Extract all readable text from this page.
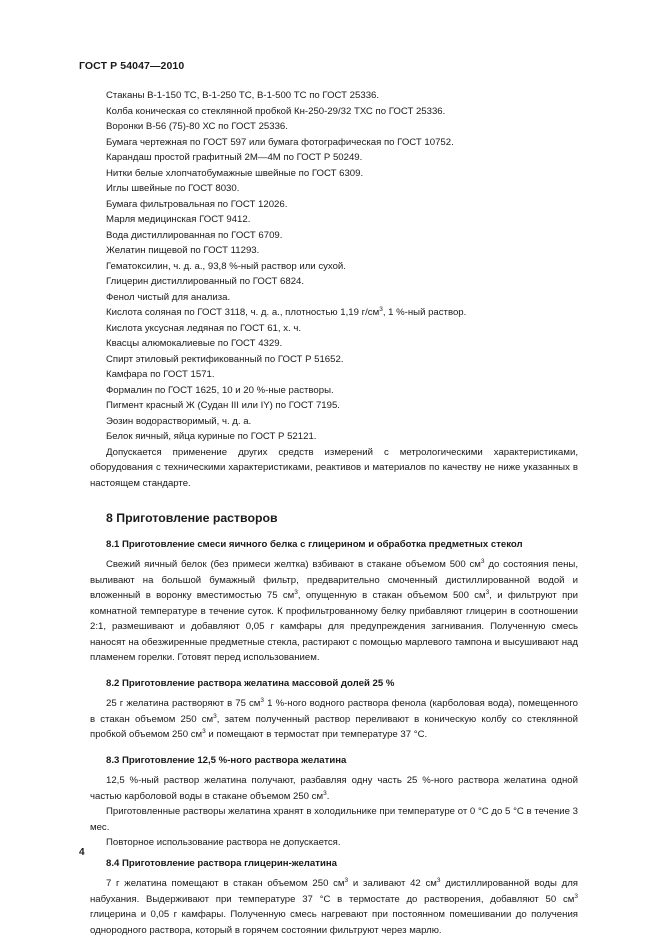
ГОСТ Р 54047—2010
Стаканы В-1-150 ТС, В-1-250 ТС, В-1-500 ТС по ГОСТ 25336.
Колба коническая со стеклянной пробкой Кн-250-29/32 ТХС по ГОСТ 25336.
Воронки В-56 (75)-80 ХС по ГОСТ 25336.
Бумага чертежная по ГОСТ 597 или бумага фотографическая по ГОСТ 10752.
Карандаш простой графитный 2М—4М по ГОСТ Р 50249.
Нитки белые хлопчатобумажные швейные по ГОСТ 6309.
Иглы швейные по ГОСТ 8030.
Бумага фильтровальная по ГОСТ 12026.
Марля медицинская ГОСТ 9412.
Вода дистиллированная по ГОСТ 6709.
Желатин пищевой по ГОСТ 11293.
Гематоксилин, ч. д. а., 93,8 %-ный раствор или сухой.
Глицерин дистиллированный по ГОСТ 6824.
Фенол чистый для анализа.
Кислота соляная по ГОСТ 3118, ч. д. а., плотностью 1,19 $г/см^3$, 1 %-ный раствор.
Кислота уксусная ледяная по ГОСТ 61, х. ч.
Квасцы алюмокалиевые по ГОСТ 4329.
Спирт этиловый ректификованный по ГОСТ Р 51652.
Камфара по ГОСТ 1571.
Формалин по ГОСТ 1625, 10 и 20 %-ные растворы.
Пигмент красный Ж (Судан III или IY) по ГОСТ 7195.
Эозин водорастворимый, ч. д. а.
Белок яичный, яйца куриные по ГОСТ Р 52121.
Допускается применение других средств измерений с метрологическими характеристиками, оборудования с техническими характеристиками, реактивов и материалов по качеству не ниже указанных в настоящем стандарте.
8 Приготовление растворов
8.1 Приготовление смеси яичного белка с глицерином и обработка предметных стекол
Свежий яичный белок (без примеси желтка) взбивают в стакане объемом 500 $см^3$ до состояния пены, выливают на большой бумажный фильтр, предварительно смоченный дистиллированной водой и вложенный в воронку вместимостью 75 $см^3$, опущенную в стакан объемом 500 $см^3$, и фильтруют при комнатной температуре в течение суток. К профильтрованному белку прибавляют глицерин в соотношении 2:1, размешивают и добавляют 0,05 г камфары для предупреждения загнивания. Полученную смесь наносят на обезжиренные предметные стекла, растирают с помощью марлевого тампона и высушивают над пламенем горелки. Готовят перед использованием.
8.2 Приготовление раствора желатина массовой долей 25 %
25 г желатина растворяют в 75 $см^3$ 1 %-ного водного раствора фенола (карболовая вода), помещенного в стакан объемом 250 $см^3$, затем полученный раствор переливают в коническую колбу со стеклянной пробкой объемом 250 $см^3$ и помещают в термостат при температуре 37 °С.
8.3 Приготовление 12,5 %-ного раствора желатина
12,5 %-ный раствор желатина получают, разбавляя одну часть 25 %-ного раствора желатина одной частью карболовой воды в стакане объемом 250 $см^3$.
Приготовленные растворы желатина хранят в холодильнике при температуре от 0 °С до 5 °С в течение 3 мес.
Повторное использование раствора не допускается.
8.4 Приготовление раствора глицерин-желатина
7 г желатина помещают в стакан объемом 250 $см^3$ и заливают 42 $см^3$ дистиллированной воды для набухания. Выдерживают при температуре 37 °С в термостате до растворения, добавляют 50 $см^3$ глицерина и 0,05 г камфары. Полученную смесь нагревают при постоянном помешивании до получения однородного раствора, который в горячем состоянии фильтруют через марлю.
4
